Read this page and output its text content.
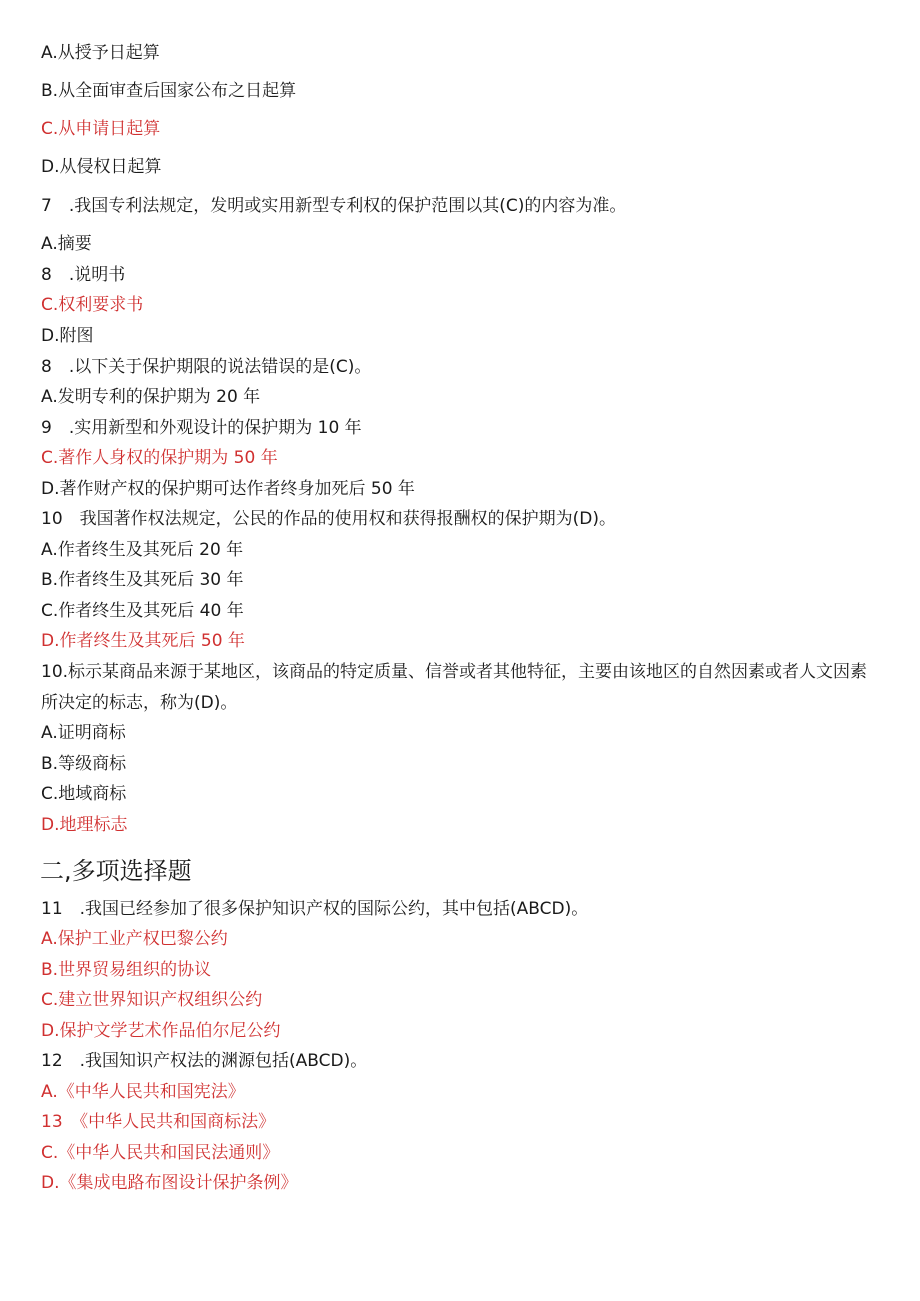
A.从授予日起算
B.从全面审查后国家公布之日起算
C.从申请日起算
D.从侵权日起算
7　.我国专利法规定，发明或实用新型专利权的保护范围以其(C)的内容为准。
A.摘要
8　.说明书
C.权利要求书
D.附图
8　.以下关于保护期限的说法错误的是(C)。
A.发明专利的保护期为 20 年
9　.实用新型和外观设计的保护期为 10 年
C.著作人身权的保护期为 50 年
D.著作财产权的保护期可达作者终身加死后 50 年
10　我国著作权法规定，公民的作品的使用权和获得报酬权的保护期为(D)。
A.作者终生及其死后 20 年
B.作者终生及其死后 30 年
C.作者终生及其死后 40 年
D.作者终生及其死后 50 年
10.标示某商品来源于某地区，该商品的特定质量、信誉或者其他特征，主要由该地区的自然因素或者人文因素所决定的标志，称为(D)。
A.证明商标
B.等级商标
C.地域商标
D.地理标志
二,多项选择题
11　.我国已经参加了很多保护知识产权的国际公约，其中包括(ABCD)。
A.保护工业产权巴黎公约
B.世界贸易组织的协议
C.建立世界知识产权组织公约
D.保护文学艺术作品伯尔尼公约
12　.我国知识产权法的渊源包括(ABCD)。
A.《中华人民共和国宪法》
13　《中华人民共和国商标法》
C.《中华人民共和国民法通则》
D.《集成电路布图设计保护条例》
